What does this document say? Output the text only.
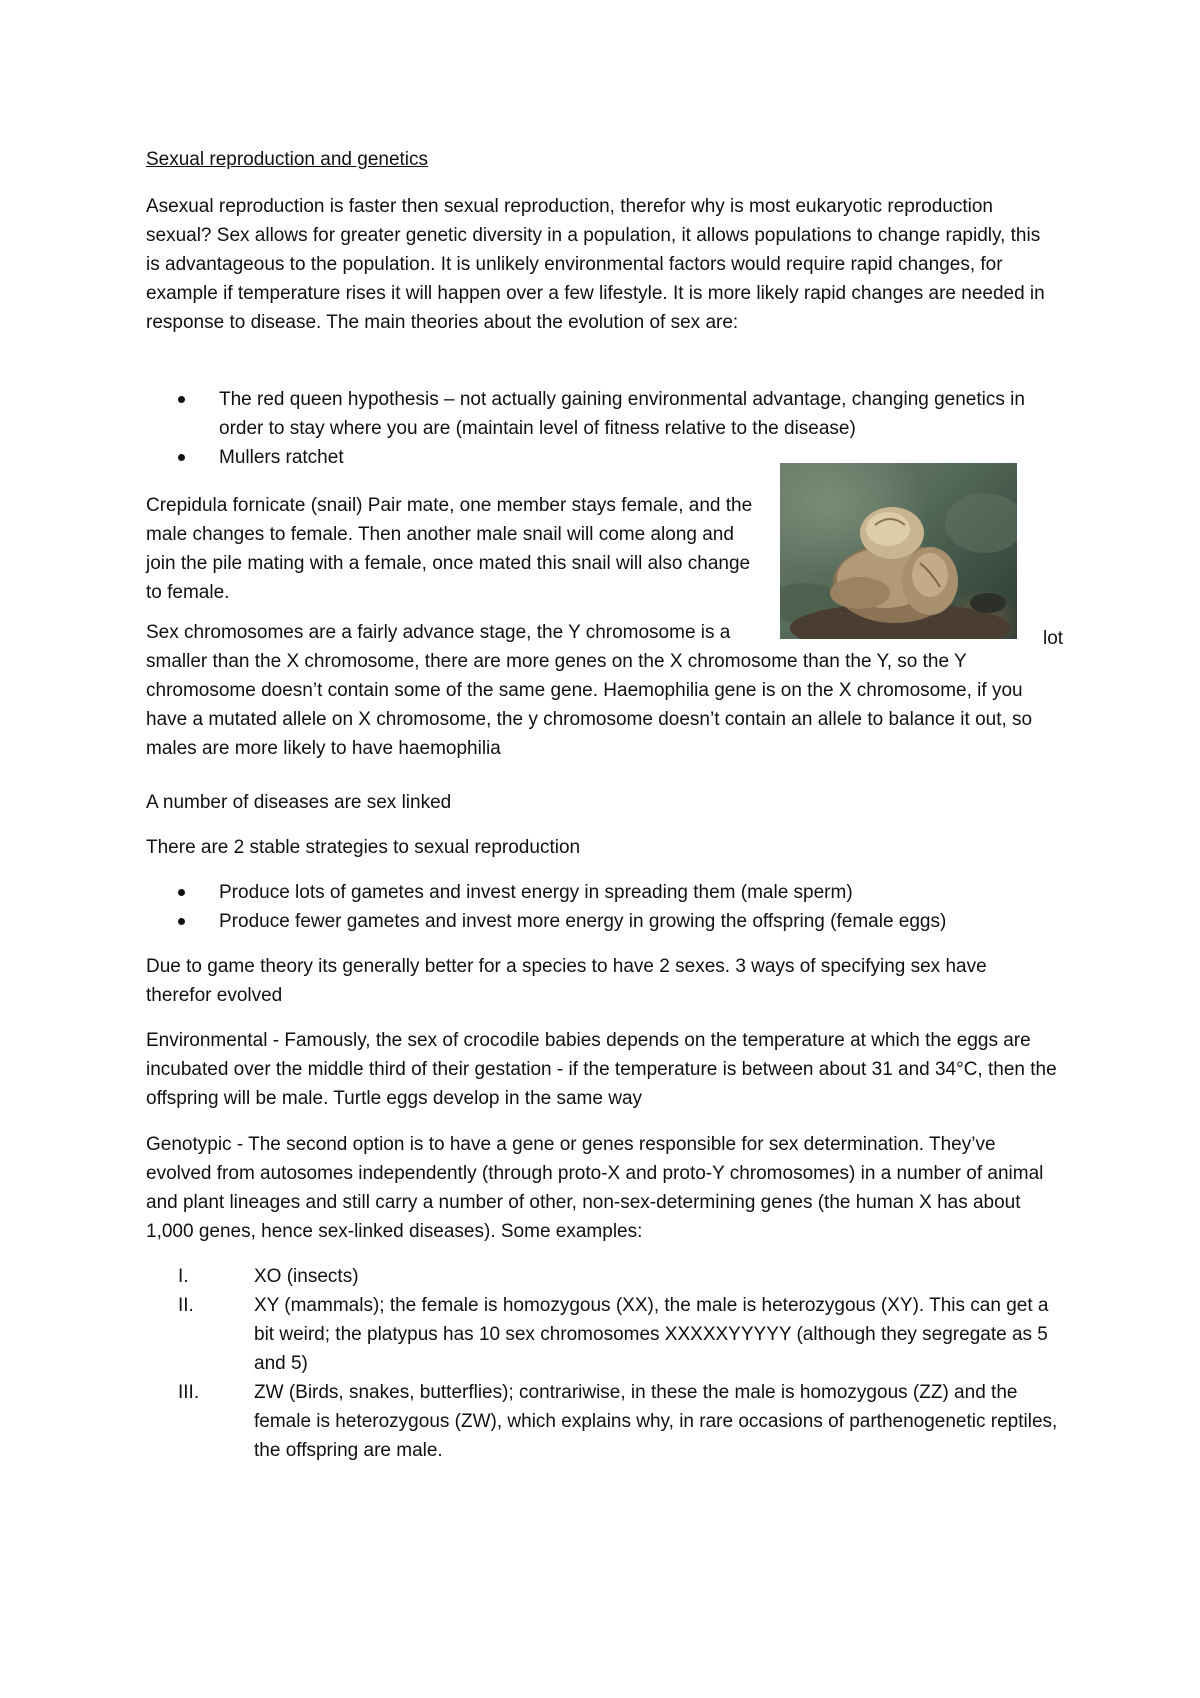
Sexual reproduction and genetics

Asexual reproduction is faster then sexual reproduction, therefor why is most eukaryotic reproduction sexual? Sex allows for greater genetic diversity in a population, it allows populations to change rapidly, this is advantageous to the population. It is unlikely environmental factors would require rapid changes, for example if temperature rises it will happen over a few lifestyle. It is more likely rapid changes are needed in response to disease. The main theories about the evolution of sex are:

The red queen hypothesis – not actually gaining environmental advantage, changing genetics in order to stay where you are (maintain level of fitness relative to the disease)
Mullers ratchet

Crepidula fornicate (snail) Pair mate, one member stays female, and the male changes to female. Then another male snail will come along and join the pile mating with a female, once mated this snail will also change to female.

Sex chromosomes are a fairly advance stage, the Y chromosome is a	lot

smaller than the X chromosome, there are more genes on the X chromosome than the Y, so the Y chromosome doesn’t contain some of the same gene. Haemophilia gene is on the X chromosome, if you have a mutated allele on X chromosome, the y chromosome doesn’t contain an allele to balance it out, so males are more likely to have haemophilia

A number of diseases are sex linked

There are 2 stable strategies to sexual reproduction

Produce lots of gametes and invest energy in spreading them (male sperm)
Produce fewer gametes and invest more energy in growing the offspring (female eggs)

Due to game theory its generally better for a species to have 2 sexes. 3 ways of specifying sex have therefor evolved

Environmental - Famously, the sex of crocodile babies depends on the temperature at which the eggs are incubated over the middle third of their gestation - if the temperature is between about 31 and 34°C, then the offspring will be male. Turtle eggs develop in the same way

Genotypic - The second option is to have a gene or genes responsible for sex determination. They’ve evolved from autosomes independently (through proto-X and proto-Y chromosomes) in a number of animal and plant lineages and still carry a number of other, non-sex-determining genes (the human X has about 1,000 genes, hence sex-linked diseases). Some examples:

I.	XO (insects)
II.	XY (mammals); the female is homozygous (XX), the male is heterozygous (XY). This can get a bit weird; the platypus has 10 sex chromosomes XXXXXYYYYY (although they segregate as 5 and 5)
III.	ZW (Birds, snakes, butterflies); contrariwise, in these the male is homozygous (ZZ) and the female is heterozygous (ZW), which explains why, in rare occasions of parthenogenetic reptiles, the offspring are male.
